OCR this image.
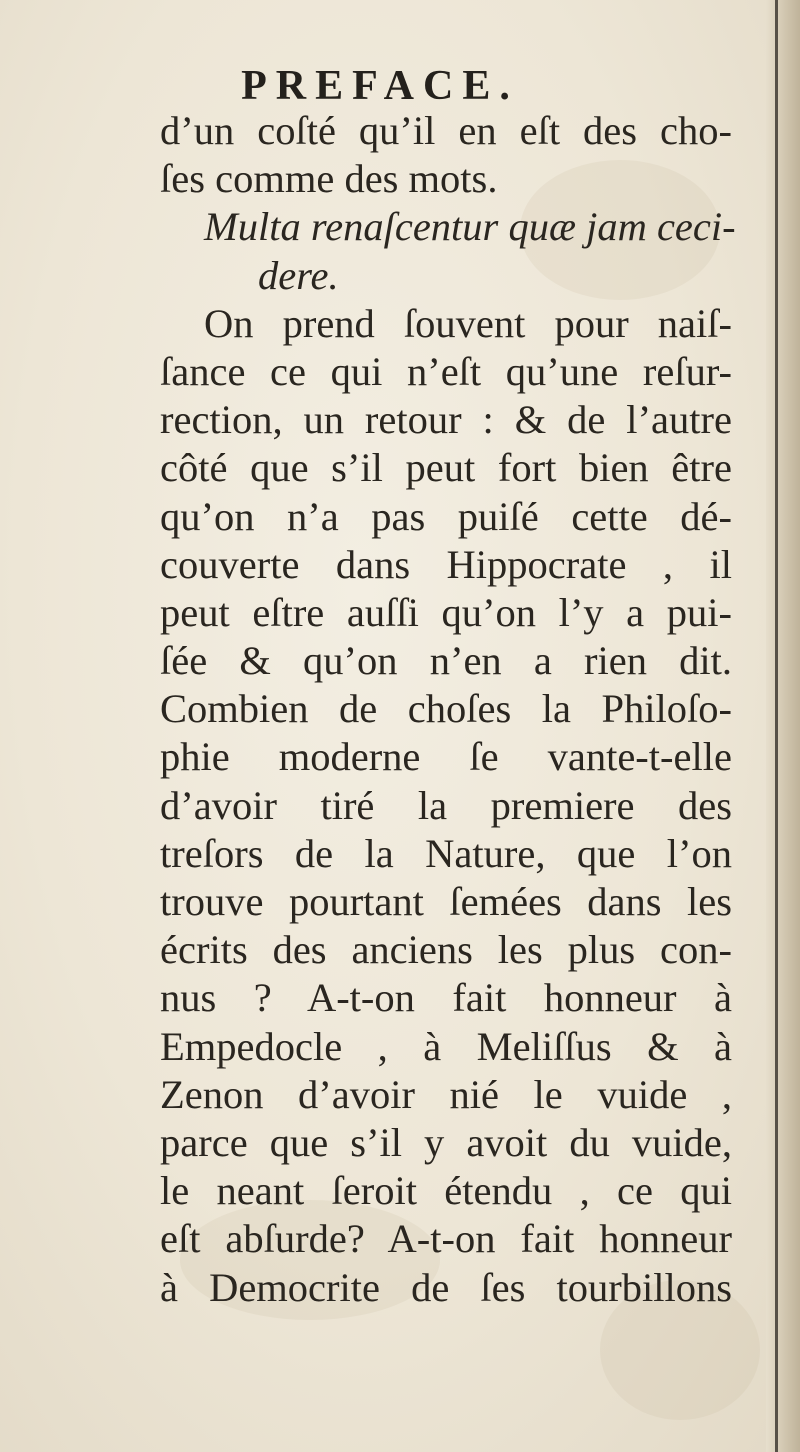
PREFACE.
d’un coſté qu’il en eſt des cho-
ſes comme des mots.
Multa renaſcentur quæ jam ceci-
dere.
On prend ſouvent pour naiſ-
ſance ce qui n’eſt qu’une reſur-
rection, un retour : & de l’autre
côté que s’il peut fort bien être
qu’on n’a pas puiſé cette dé-
couverte dans Hippocrate , il
peut eſtre auſſi qu’on l’y a pui-
ſée & qu’on n’en a rien dit.
Combien de choſes la Philoſo-
phie moderne ſe vante-t-elle
d’avoir tiré la premiere des
treſors de la Nature, que l’on
trouve pourtant ſemées dans les
écrits des anciens les plus con-
nus ? A-t-on fait honneur à
Empedocle , à Meliſſus & à
Zenon d’avoir nié le vuide ,
parce que s’il y avoit du vuide,
le neant ſeroit étendu , ce qui
eſt abſurde? A-t-on fait honneur
à Democrite de ſes tourbillons
